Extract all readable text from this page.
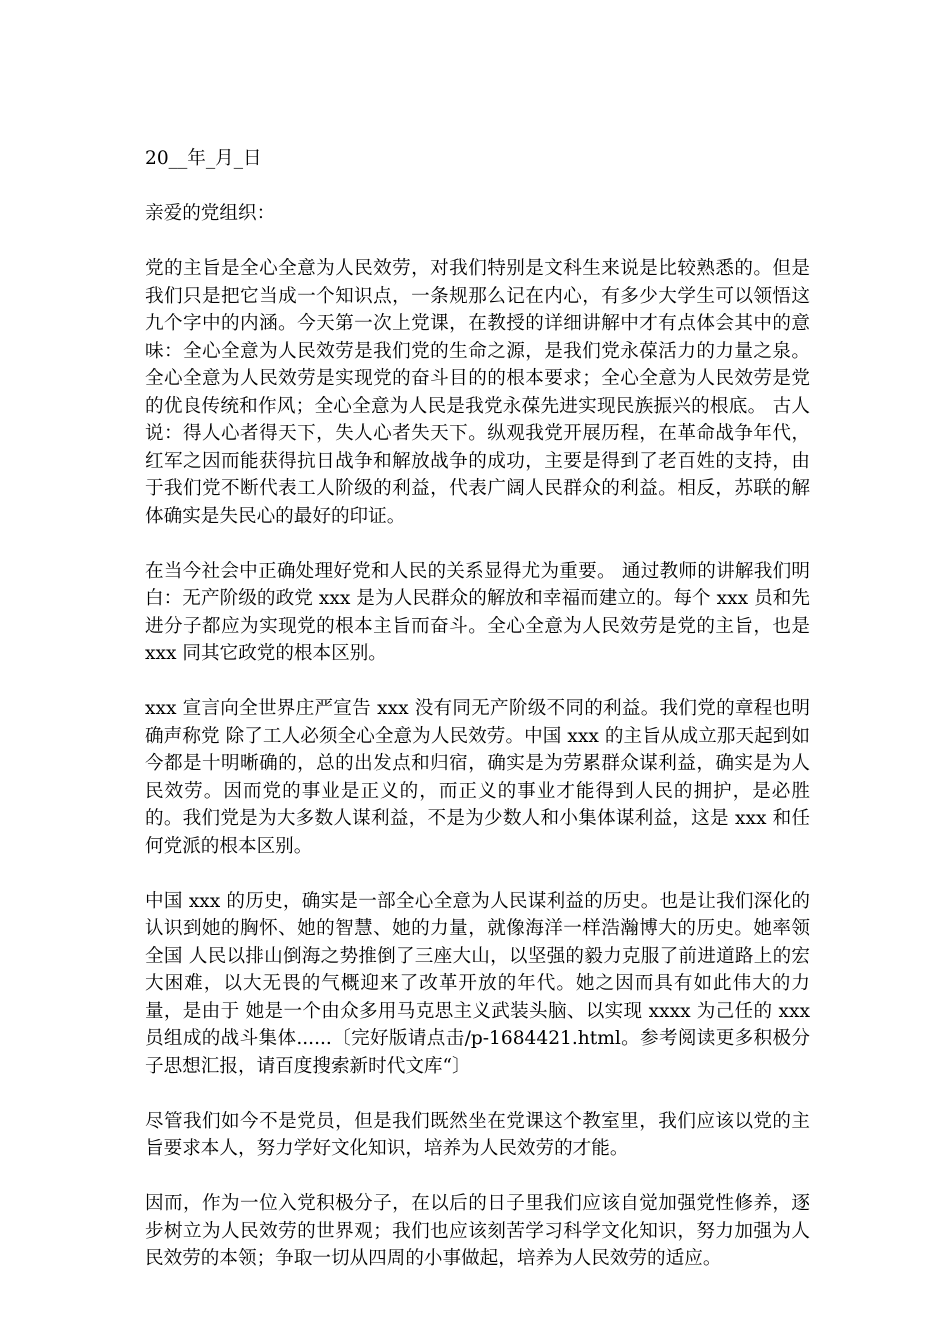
20__年_月_日

亲爱的党组织：

党的主旨是全心全意为人民效劳，对我们特别是文科生来说是比较熟悉的。但是我们只是把它当成一个知识点，一条规那么记在内心，有多少大学生可以领悟这九个字中的内涵。今天第一次上党课，在教授的详细讲解中才有点体会其中的意味：全心全意为人民效劳是我们党的生命之源，是我们党永葆活力的力量之泉。全心全意为人民效劳是实现党的奋斗目的的根本要求；全心全意为人民效劳是党的优良传统和作风；全心全意为人民是我党永葆先进实现民族振兴的根底。 古人说：得人心者得天下，失人心者失天下。纵观我党开展历程，在革命战争年代，红军之因而能获得抗日战争和解放战争的成功，主要是得到了老百姓的支持，由于我们党不断代表工人阶级的利益，代表广阔人民群众的利益。相反，苏联的解体确实是失民心的最好的印证。

在当今社会中正确处理好党和人民的关系显得尤为重要。 通过教师的讲解我们明白：无产阶级的政党 xxx 是为人民群众的解放和幸福而建立的。每个 xxx 员和先进分子都应为实现党的根本主旨而奋斗。全心全意为人民效劳是党的主旨，也是 xxx 同其它政党的根本区别。

xxx 宣言向全世界庄严宣告 xxx 没有同无产阶级不同的利益。我们党的章程也明确声称党 除了工人必须全心全意为人民效劳。中国 xxx 的主旨从成立那天起到如今都是十明晰确的，总的出发点和归宿，确实是为劳累群众谋利益，确实是为人民效劳。因而党的事业是正义的，而正义的事业才能得到人民的拥护，是必胜的。我们党是为大多数人谋利益，不是为少数人和小集体谋利益，这是 xxx 和任何党派的根本区别。

中国 xxx 的历史，确实是一部全心全意为人民谋利益的历史。也是让我们深化的认识到她的胸怀、她的智慧、她的力量，就像海洋一样浩瀚博大的历史。她率领全国 人民以排山倒海之势推倒了三座大山，以坚强的毅力克服了前进道路上的宏大困难，以大无畏的气概迎来了改革开放的年代。她之因而具有如此伟大的力量，是由于 她是一个由众多用马克思主义武装头脑、以实现 xxxx 为己任的 xxx 员组成的战斗集体......〔完好版请点击/p-1684421.html。参考阅读更多积极分子思想汇报，请百度搜索新时代文库“〕

尽管我们如今不是党员，但是我们既然坐在党课这个教室里，我们应该以党的主旨要求本人，努力学好文化知识，培养为人民效劳的才能。

因而，作为一位入党积极分子，在以后的日子里我们应该自觉加强党性修养，逐步树立为人民效劳的世界观；我们也应该刻苦学习科学文化知识，努力加强为人民效劳的本领；争取一切从四周的小事做起，培养为人民效劳的适应。
